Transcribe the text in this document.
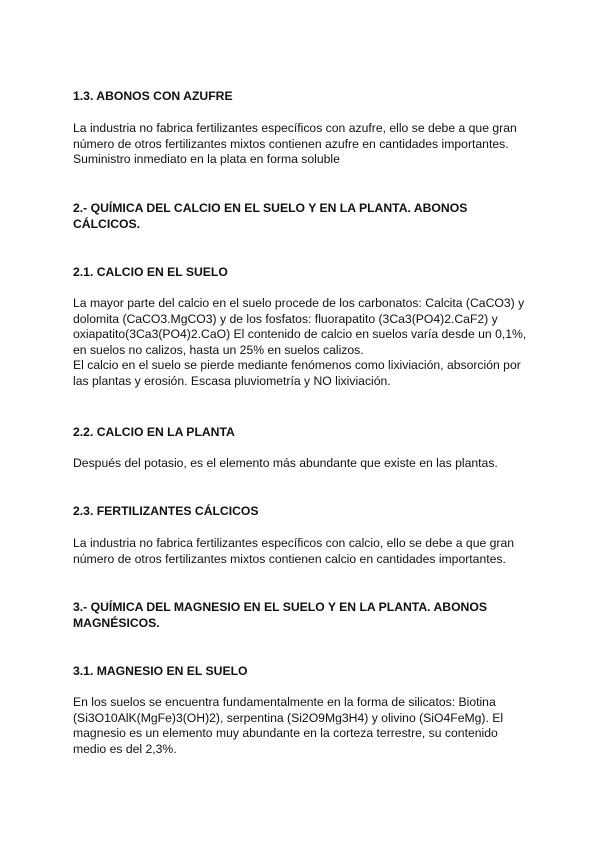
1.3. ABONOS CON AZUFRE

La industria no fabrica fertilizantes específicos con azufre, ello se debe a que gran
número de otros fertilizantes mixtos contienen azufre en cantidades importantes.
Suministro inmediato en la plata en forma soluble

2.- QUÍMICA DEL CALCIO EN EL SUELO Y EN LA PLANTA. ABONOS
CÁLCICOS.
2.1. CALCIO EN EL SUELO

La mayor parte del calcio en el suelo procede de los carbonatos: Calcita (CaCO3) y
dolomita (CaCO3.MgCO3) y de los fosfatos: fluorapatito (3Ca3(PO4)2.CaF2) y
oxiapatito(3Ca3(PO4)2.CaO) El contenido de calcio en suelos varía desde un 0,1%,
en suelos no calizos, hasta un 25% en suelos calizos.
El calcio en el suelo se pierde mediante fenómenos como lixiviación, absorción por
las plantas y erosión. Escasa pluviometría y NO lixiviación.

2.2. CALCIO EN LA PLANTA

Después del potasio, es el elemento más abundante que existe en las plantas.

2.3. FERTILIZANTES CÁLCICOS

La industria no fabrica fertilizantes específicos con calcio, ello se debe a que gran
número de otros fertilizantes mixtos contienen calcio en cantidades importantes.

3.- QUÍMICA DEL MAGNESIO EN EL SUELO Y EN LA PLANTA. ABONOS
MAGNÉSICOS.
3.1. MAGNESIO EN EL SUELO

En los suelos se encuentra fundamentalmente en la forma de silicatos: Biotina
(Si3O10AlK(MgFe)3(OH)2), serpentina (Si2O9Mg3H4) y olivino (SiO4FeMg). El
magnesio es un elemento muy abundante en la corteza terrestre, su contenido
medio es del 2,3%.
